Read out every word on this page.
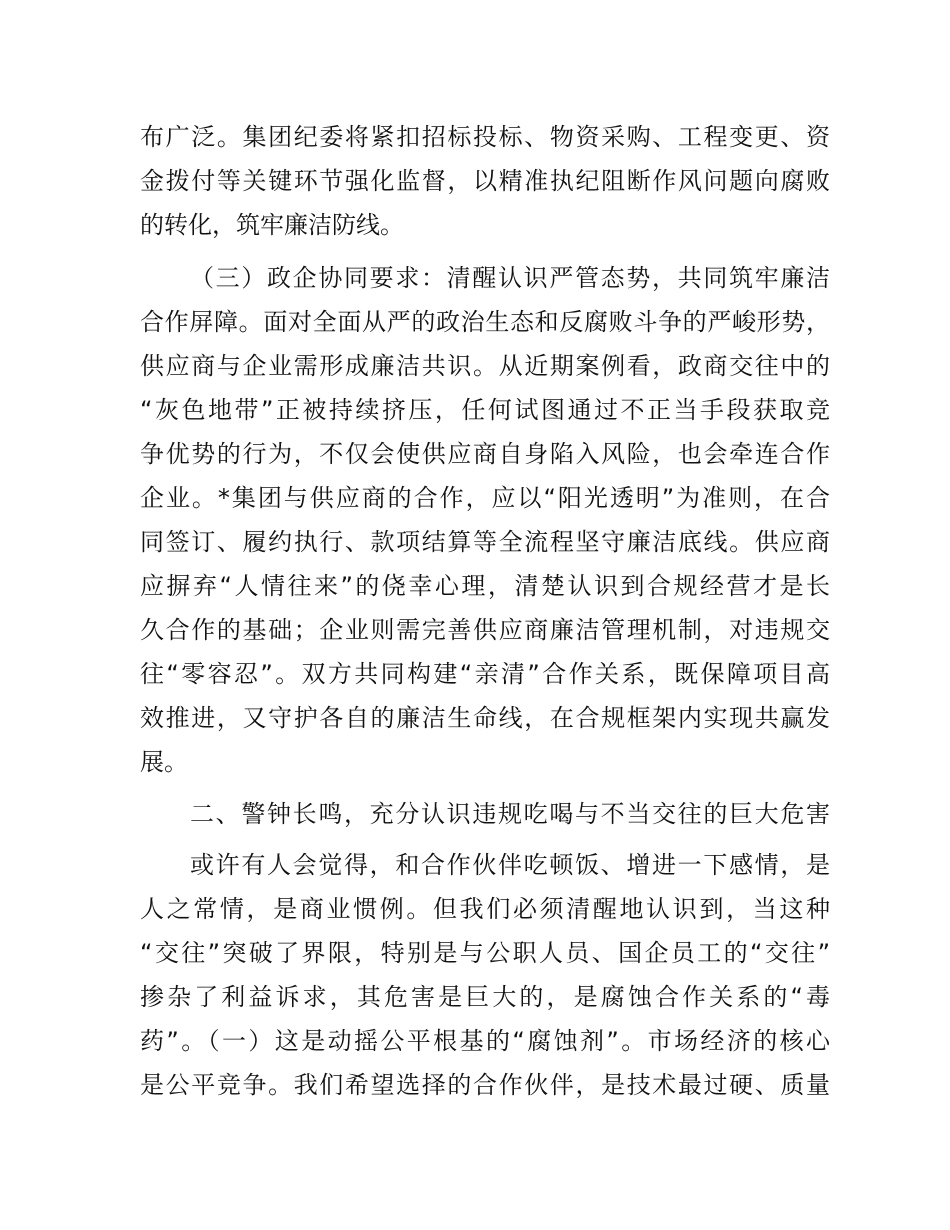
布广泛。集团纪委将紧扣招标投标、物资采购、工程变更、资
金拨付等关键环节强化监督，以精准执纪阻断作风问题向腐败
的转化，筑牢廉洁防线。
（三）政企协同要求：清醒认识严管态势，共同筑牢廉洁
合作屏障。面对全面从严的政治生态和反腐败斗争的严峻形势，
供应商与企业需形成廉洁共识。从近期案例看，政商交往中的
“灰色地带”正被持续挤压，任何试图通过不正当手段获取竞
争优势的行为，不仅会使供应商自身陷入风险，也会牵连合作
企业。*集团与供应商的合作，应以“阳光透明”为准则，在合
同签订、履约执行、款项结算等全流程坚守廉洁底线。供应商
应摒弃“人情往来”的侥幸心理，清楚认识到合规经营才是长
久合作的基础；企业则需完善供应商廉洁管理机制，对违规交
往“零容忍”。双方共同构建“亲清”合作关系，既保障项目高
效推进，又守护各自的廉洁生命线，在合规框架内实现共赢发
展。
二、警钟长鸣，充分认识违规吃喝与不当交往的巨大危害
或许有人会觉得，和合作伙伴吃顿饭、增进一下感情，是
人之常情，是商业惯例。但我们必须清醒地认识到，当这种
“交往”突破了界限，特别是与公职人员、国企员工的“交往”
掺杂了利益诉求，其危害是巨大的，是腐蚀合作关系的“毒
药”。（一）这是动摇公平根基的“腐蚀剂”。市场经济的核心
是公平竞争。我们希望选择的合作伙伴，是技术最过硬、质量
